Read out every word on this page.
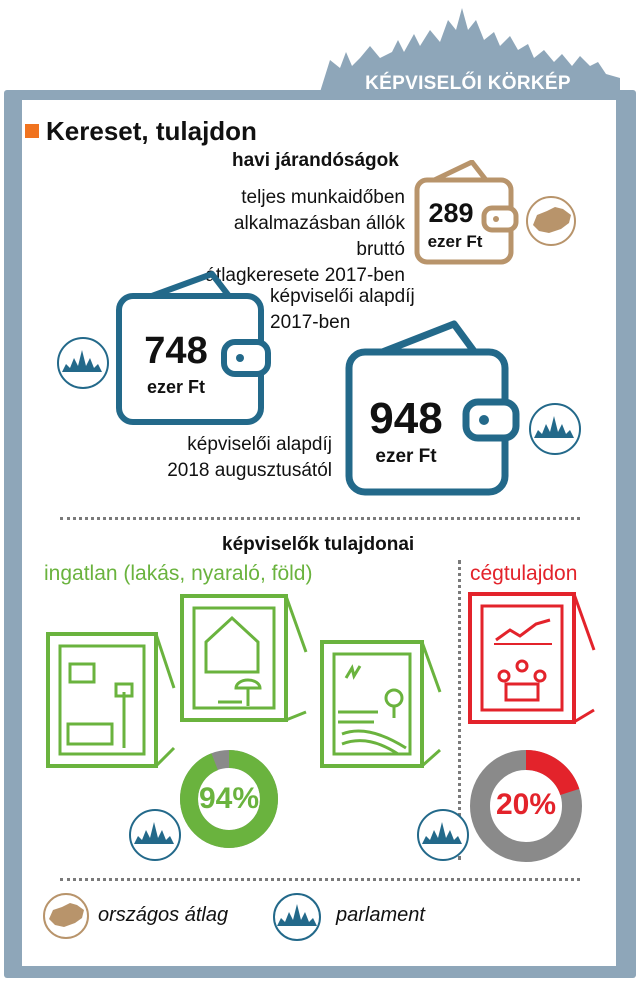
KÉPVISELŐI KÖRKÉP
Kereset, tulajdon
havi járandóságok
teljes munkaidőben
alkalmazásban állók bruttó
átlagkeresete 2017-ben
289
ezer Ft
képviselői alapdíj
2017-ben
748
ezer Ft
948
ezer Ft
képviselői alapdíj
2018 augusztusától
képviselők tulajdonai
ingatlan (lakás, nyaraló, föld)	cégtulajdon
94%	20%
országos átlag	parlament
